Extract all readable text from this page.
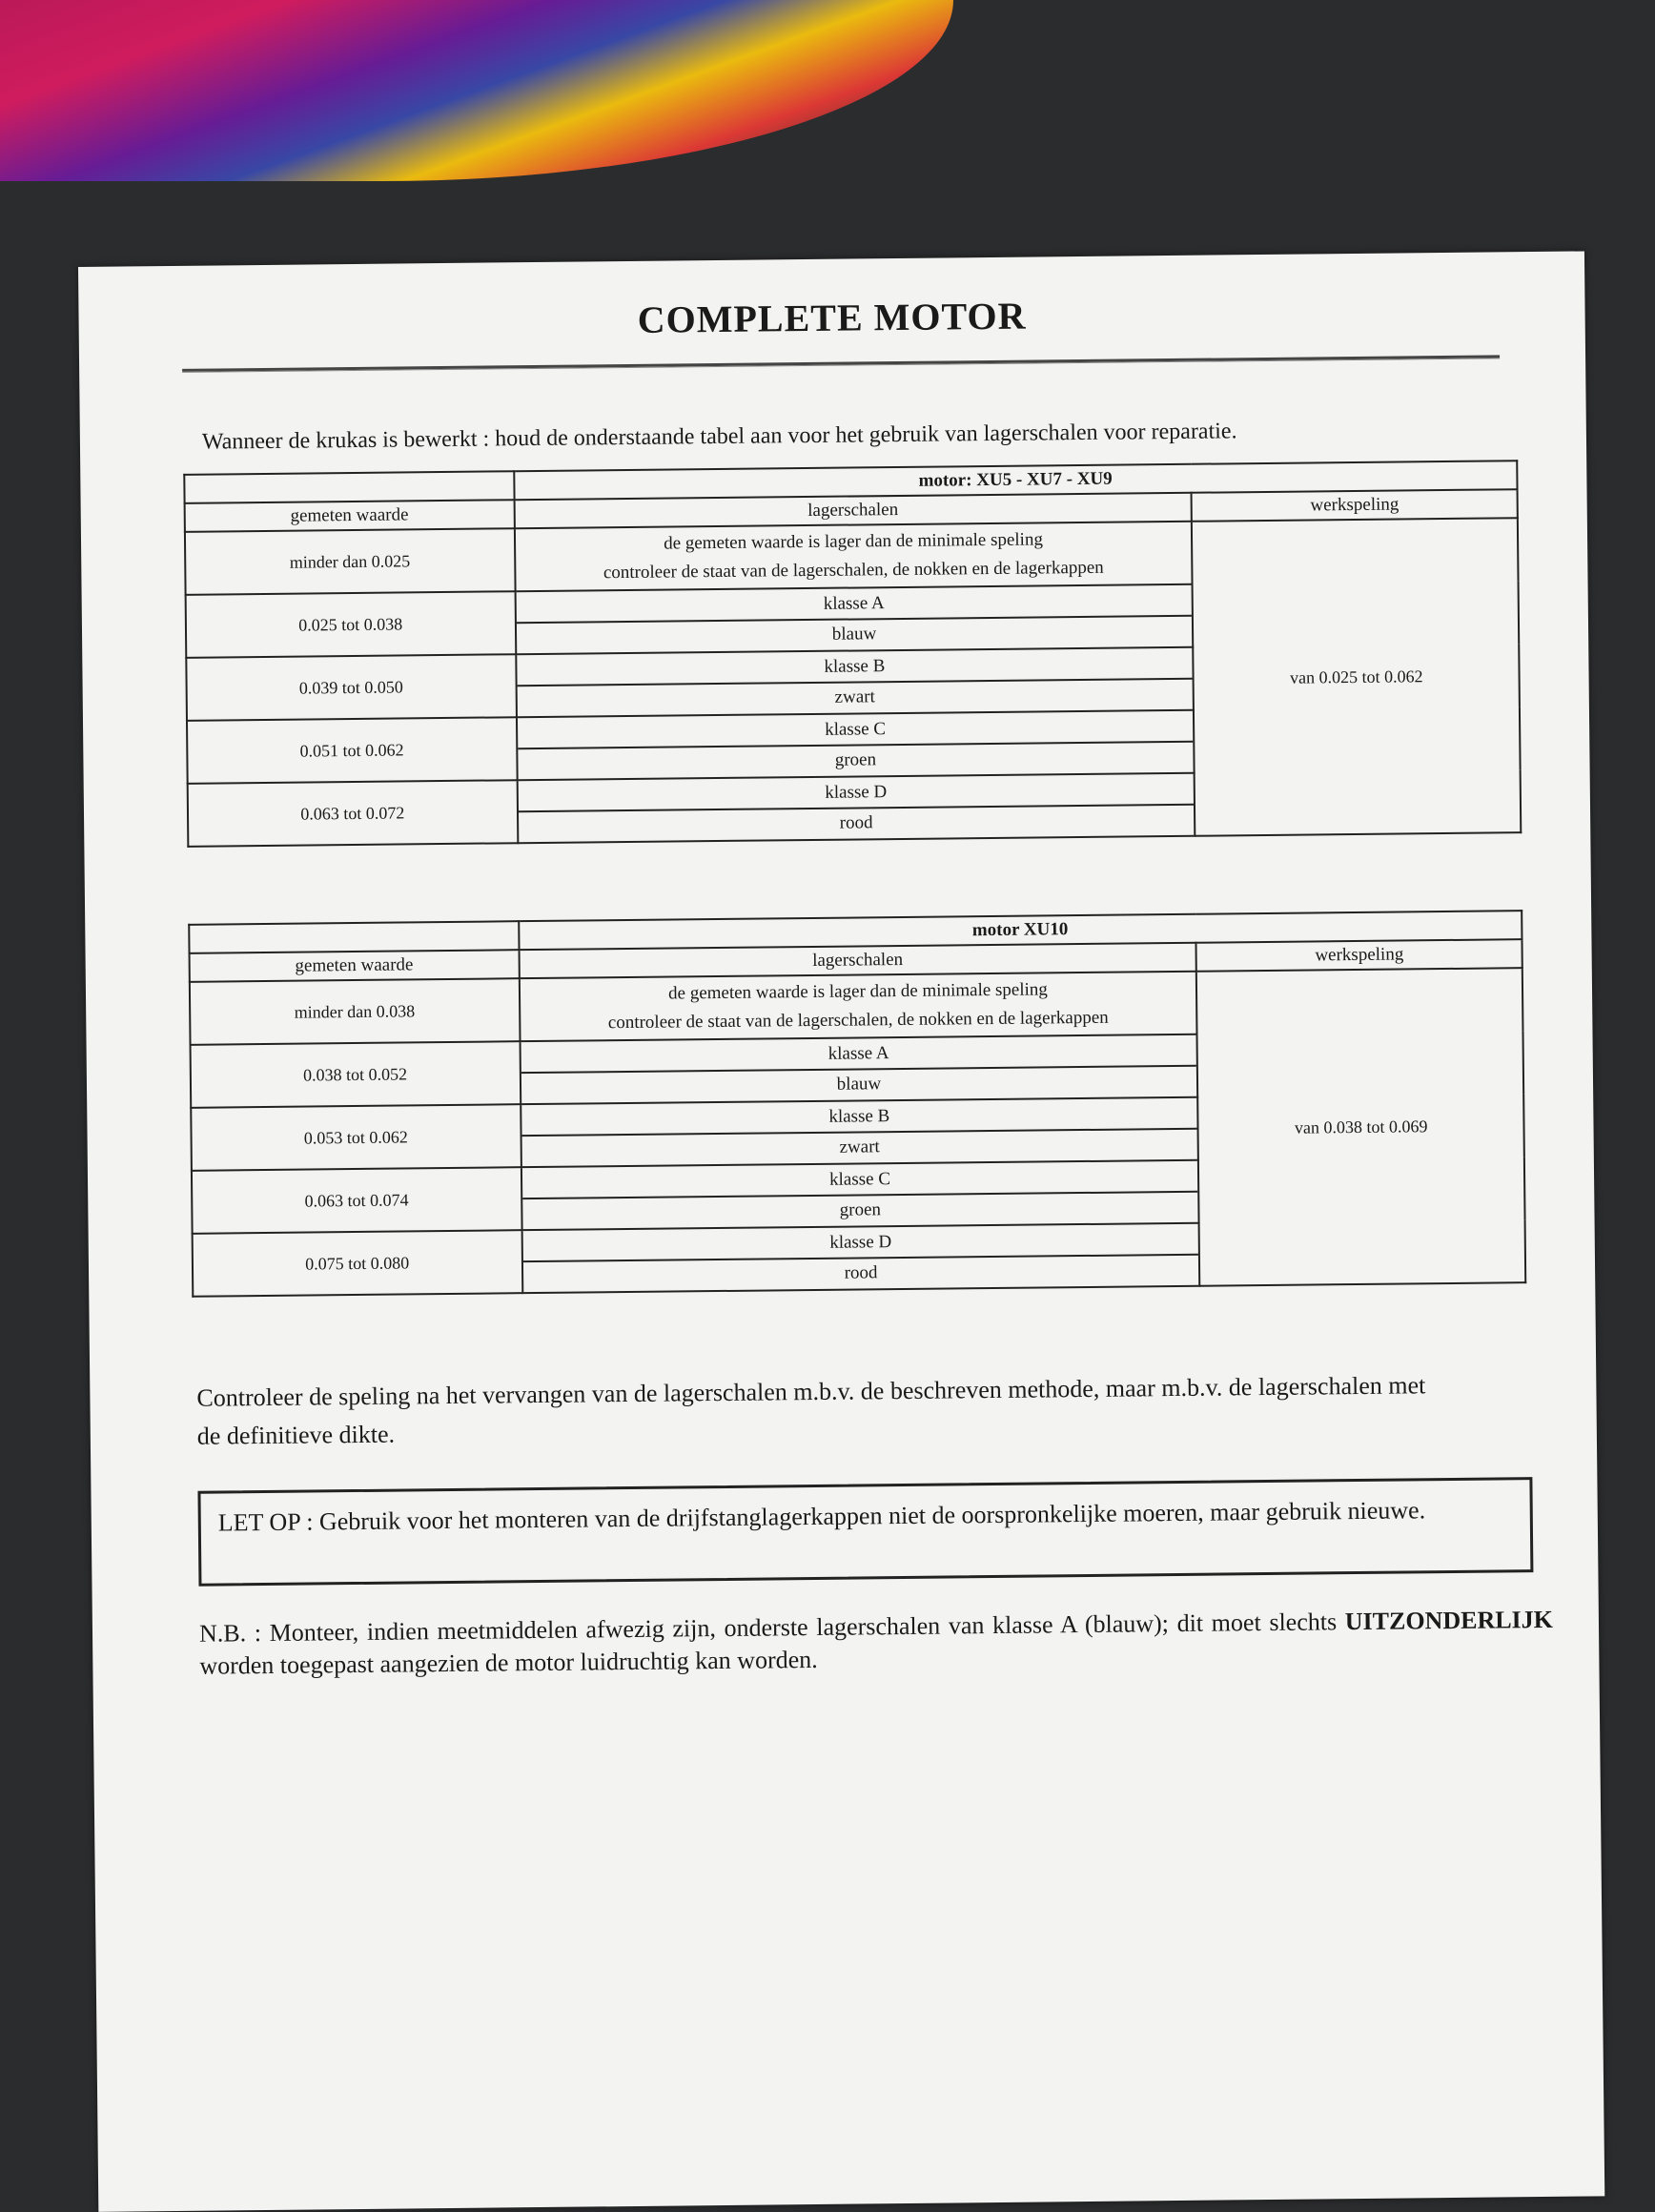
COMPLETE MOTOR
Wanneer de krukas is bewerkt : houd de onderstaande tabel aan voor het gebruik van lagerschalen voor reparatie.
	motor: XU5 - XU7 - XU9	
gemeten waarde	lagerschalen	werkspeling
minder dan 0.025	de gemeten waarde is lager dan de minimale speling
controleer de staat van de lagerschalen, de nokken en de lagerkappen	van 0.025 tot 0.062
0.025 tot 0.038	klasse A
blauw	

0.039 tot 0.050	klasse B
zwart	

0.051 tot 0.062	klasse C
groen	

0.063 tot 0.072	klasse D
rood	
	motor XU10	
gemeten waarde	lagerschalen	werkspeling
minder dan 0.038	de gemeten waarde is lager dan de minimale speling
controleer de staat van de lagerschalen, de nokken en de lagerkappen	van 0.038 tot 0.069
0.038 tot 0.052	klasse A
blauw	

0.053 tot 0.062	klasse B
zwart	

0.063 tot 0.074	klasse C
groen	

0.075 tot 0.080	klasse D
rood	
Controleer de speling na het vervangen van de lagerschalen m.b.v. de beschreven methode, maar m.b.v. de lagerschalen met de definitieve dikte.
LET OP : Gebruik voor het monteren van de drijfstanglagerkappen niet de oorspronkelijke moeren, maar gebruik nieuwe.
N.B. : Monteer, indien meetmiddelen afwezig zijn, onderste lagerschalen van klasse A (blauw); dit moet slechts UITZONDERLIJK worden toegepast aangezien de motor luidruchtig kan worden.
